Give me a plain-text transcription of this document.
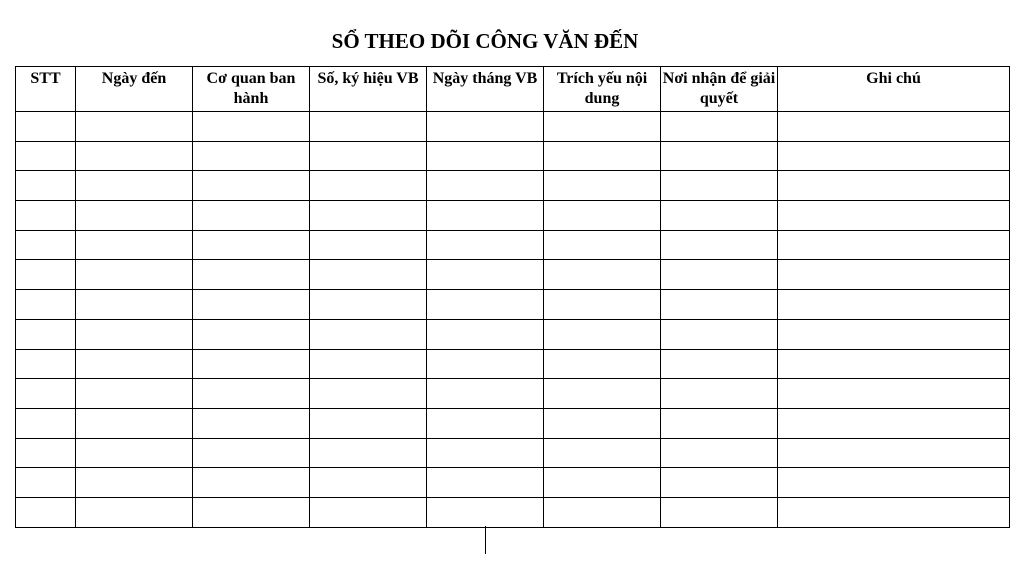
SỔ THEO DÕI CÔNG VĂN ĐẾN
STT	Ngày đến	Cơ quan ban hành	Số, ký hiệu VB	Ngày tháng VB	Trích yếu nội dung	Nơi nhận để giải quyết	Ghi chú
